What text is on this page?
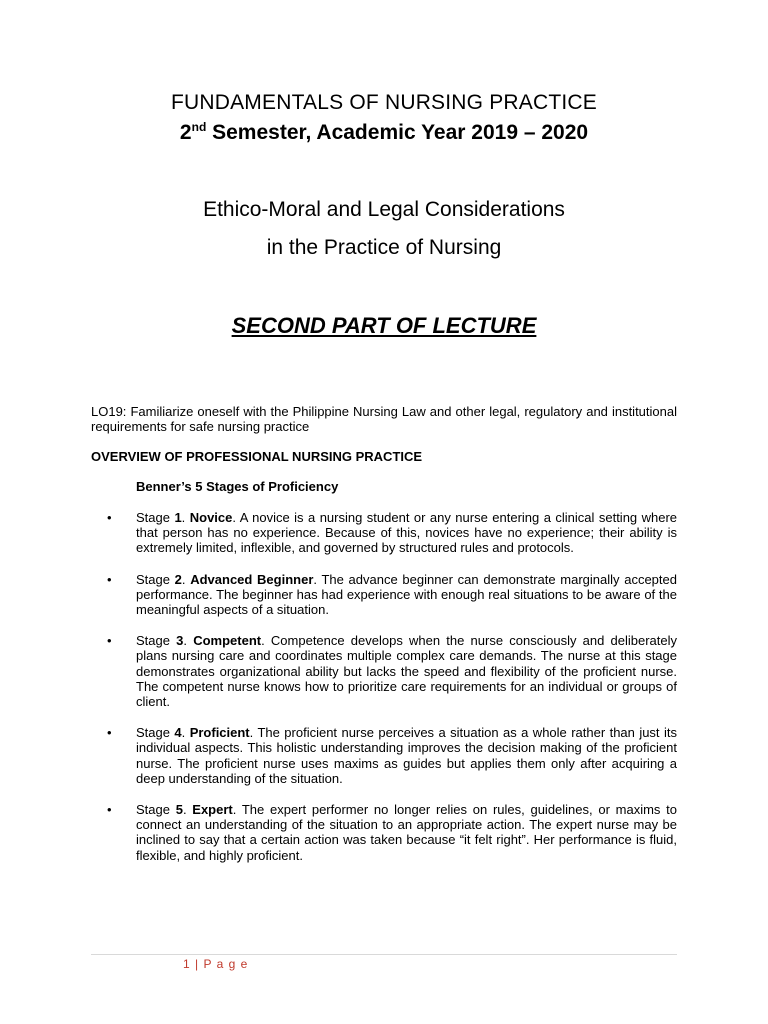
FUNDAMENTALS OF NURSING PRACTICE
2nd Semester, Academic Year 2019 – 2020
Ethico-Moral and Legal Considerations
in the Practice of Nursing
SECOND PART OF LECTURE
LO19: Familiarize oneself with the Philippine Nursing Law and other legal, regulatory and institutional requirements for safe nursing practice
OVERVIEW OF PROFESSIONAL NURSING PRACTICE
Benner’s 5 Stages of Proficiency
• Stage 1. Novice. A novice is a nursing student or any nurse entering a clinical setting where that person has no experience. Because of this, novices have no experience; their ability is extremely limited, inflexible, and governed by structured rules and protocols.
• Stage 2. Advanced Beginner. The advance beginner can demonstrate marginally accepted performance. The beginner has had experience with enough real situations to be aware of the meaningful aspects of a situation.
• Stage 3. Competent. Competence develops when the nurse consciously and deliberately plans nursing care and coordinates multiple complex care demands. The nurse at this stage demonstrates organizational ability but lacks the speed and flexibility of the proficient nurse. The competent nurse knows how to prioritize care requirements for an individual or groups of client.
• Stage 4. Proficient. The proficient nurse perceives a situation as a whole rather than just its individual aspects. This holistic understanding improves the decision making of the proficient nurse. The proficient nurse uses maxims as guides but applies them only after acquiring a deep understanding of the situation.
• Stage 5. Expert. The expert performer no longer relies on rules, guidelines, or maxims to connect an understanding of the situation to an appropriate action. The expert nurse may be inclined to say that a certain action was taken because “it felt right”. Her performance is fluid, flexible, and highly proficient.
1 | P a g e
